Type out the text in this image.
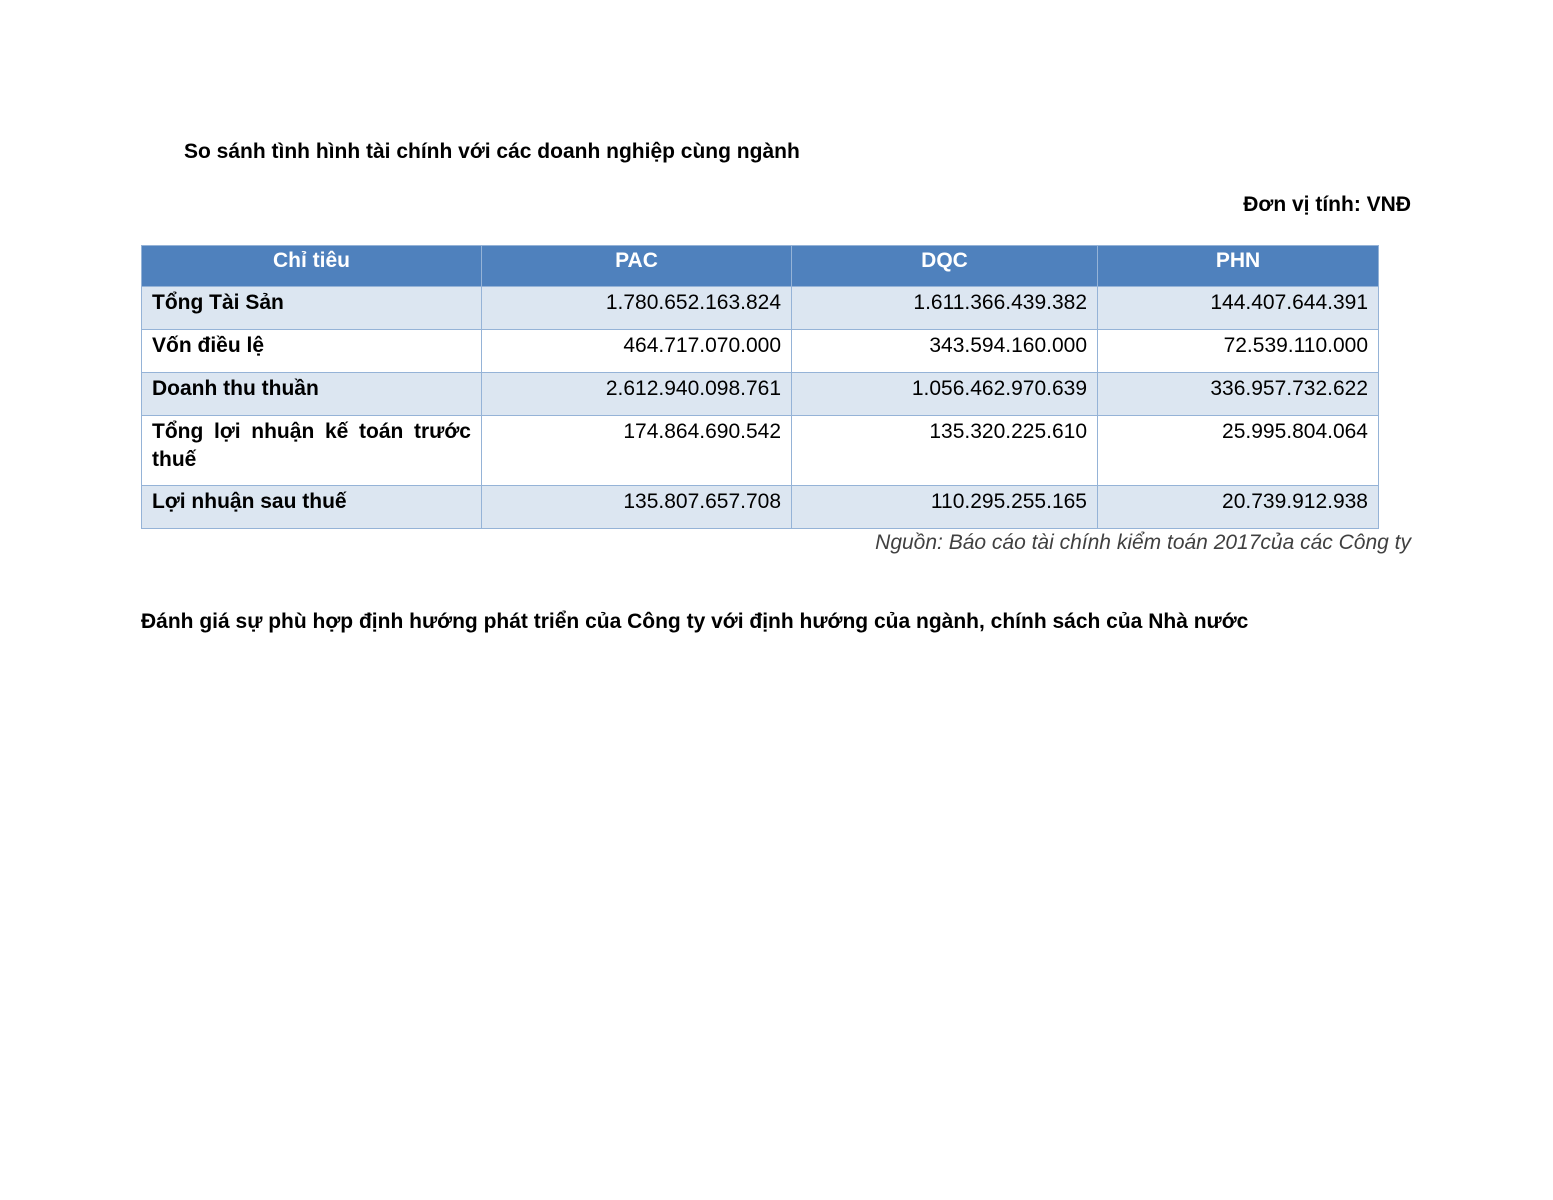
So sánh tình hình tài chính với các doanh nghiệp cùng ngành
Đơn vị tính: VNĐ
Chỉ tiêu	PAC	DQC	PHN
Tổng Tài Sản	1.780.652.163.824	1.611.366.439.382	144.407.644.391
Vốn điều lệ	464.717.070.000	343.594.160.000	72.539.110.000
Doanh thu thuần	2.612.940.098.761	1.056.462.970.639	336.957.732.622
Tổng lợi nhuận kế toán trước thuế	174.864.690.542	135.320.225.610	25.995.804.064
Lợi nhuận sau thuế	135.807.657.708	110.295.255.165	20.739.912.938
Nguồn: Báo cáo tài chính kiểm toán 2017của các Công ty
Đánh giá sự phù hợp định hướng phát triển của Công ty với định hướng của ngành, chính sách của Nhà nước
